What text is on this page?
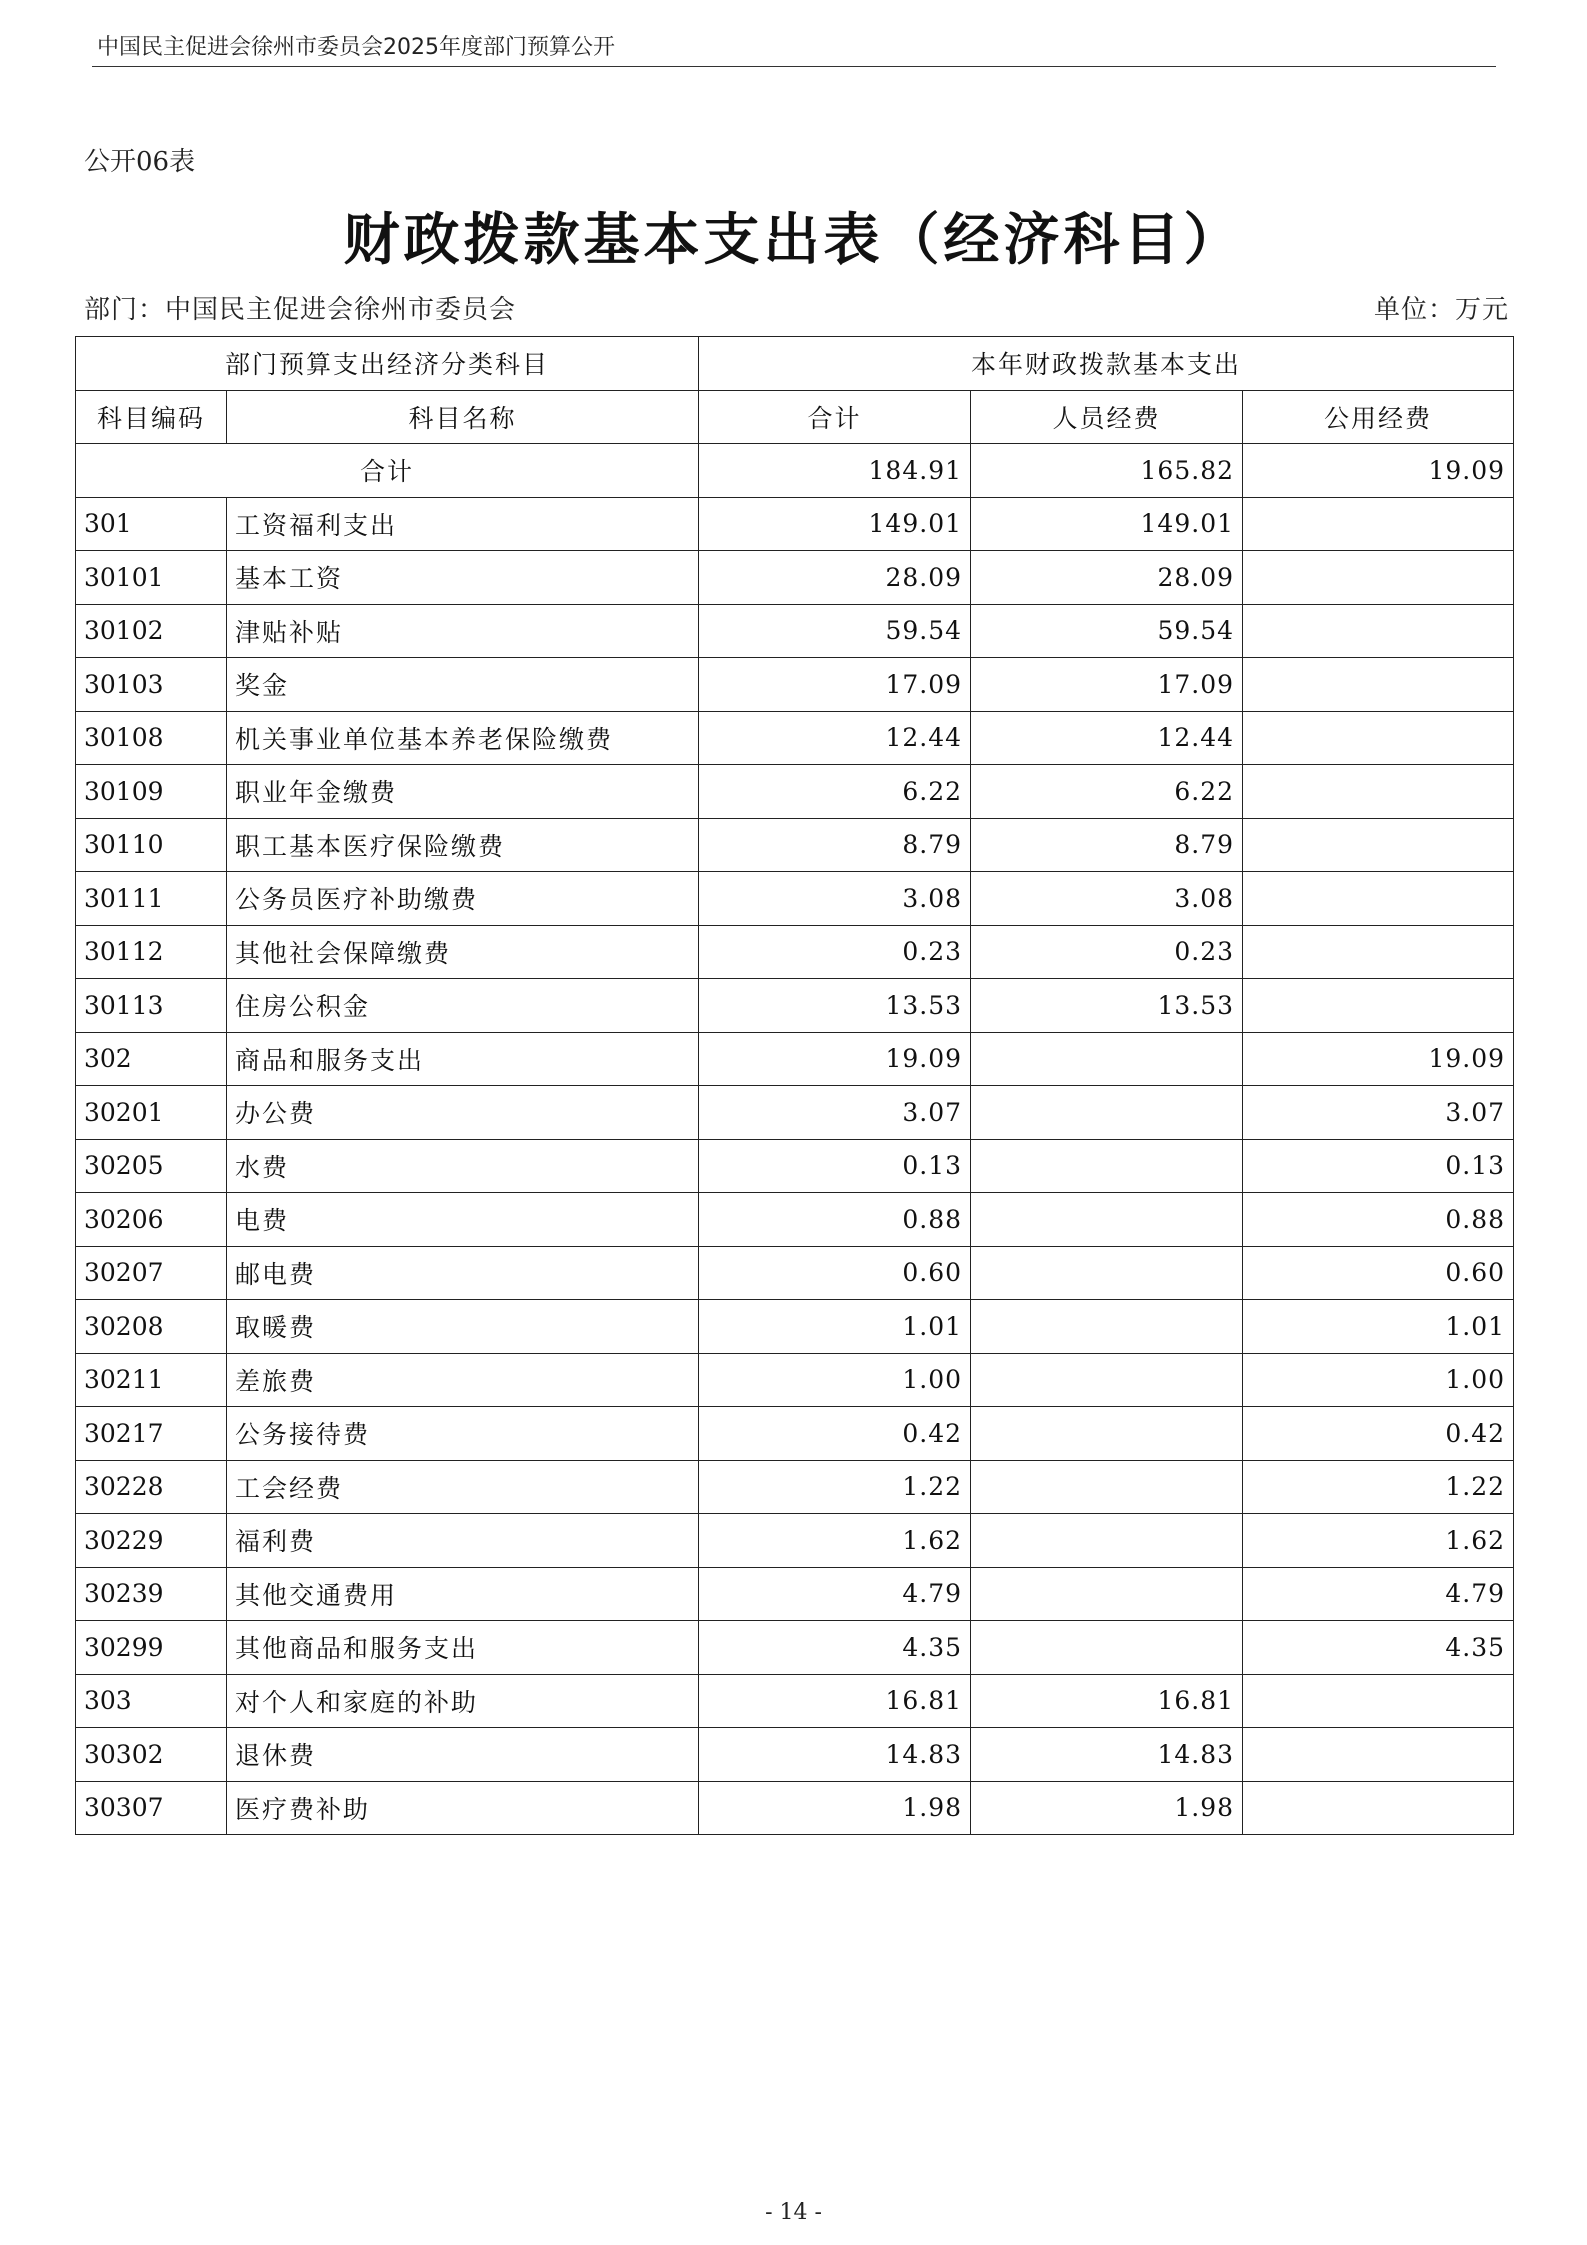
中国民主促进会徐州市委员会2025年度部门预算公开
公开06表
财政拨款基本支出表（经济科目）
部门：中国民主促进会徐州市委员会	单位：万元
部门预算支出经济分类科目		本年财政拨款基本支出		
科目编码	科目名称	合计	人员经费	公用经费
合计		184.91	165.82	19.09
301	工资福利支出	149.01	149.01	
30101	基本工资	28.09	28.09	
30102	津贴补贴	59.54	59.54	
30103	奖金	17.09	17.09	
30108	机关事业单位基本养老保险缴费	12.44	12.44	
30109	职业年金缴费	6.22	6.22	
30110	职工基本医疗保险缴费	8.79	8.79	
30111	公务员医疗补助缴费	3.08	3.08	
30112	其他社会保障缴费	0.23	0.23	
30113	住房公积金	13.53	13.53	
302	商品和服务支出	19.09		19.09
30201	办公费	3.07		3.07
30205	水费	0.13		0.13
30206	电费	0.88		0.88
30207	邮电费	0.60		0.60
30208	取暖费	1.01		1.01
30211	差旅费	1.00		1.00
30217	公务接待费	0.42		0.42
30228	工会经费	1.22		1.22
30229	福利费	1.62		1.62
30239	其他交通费用	4.79		4.79
30299	其他商品和服务支出	4.35		4.35
303	对个人和家庭的补助	16.81	16.81	
30302	退休费	14.83	14.83	
30307	医疗费补助	1.98	1.98	
- 14 -
